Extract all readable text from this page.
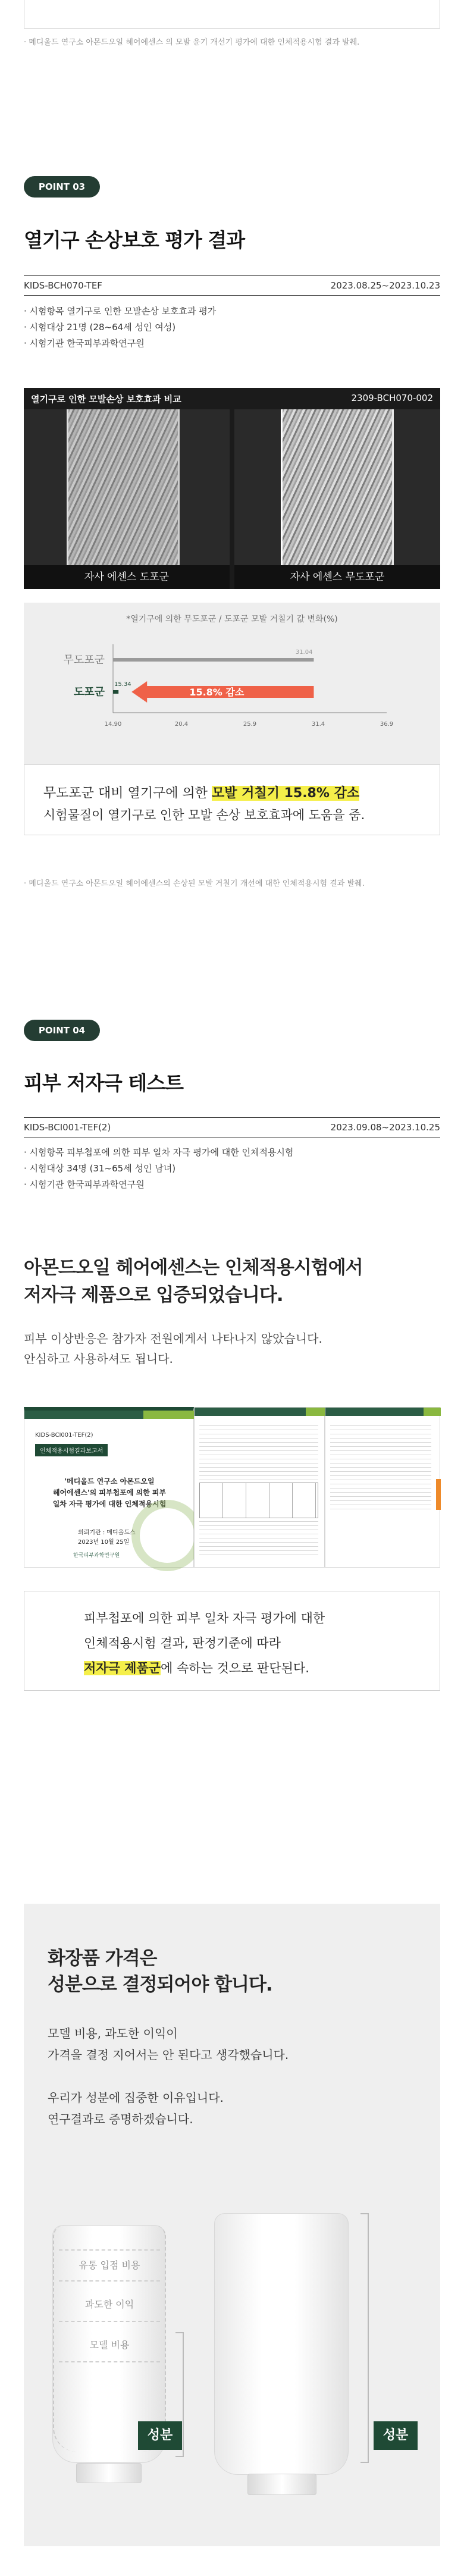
· 메디올드 연구소 아몬드오일 헤어에센스 의 모발 윤기 개선기 평가에 대한 인체적용시험 결과 발췌.
POINT 03
열기구 손상보호 평가 결과
KIDS-BCH070-TEF	2023.08.25~2023.10.23
· 시험항목 열기구로 인한 모발손상 보호효과 평가
· 시험대상 21명 (28~64세 성인 여성)
· 시험기관 한국피부과학연구원
열기구로 인한 모발손상 보호효과 비교	2309-BCH070-002
자사 에센스 도포군	자사 에센스 무도포군
*열기구에 의한 무도포군 / 도포군 모발 거칠기 값 변화(%)
무도포군
도포군
31.04
15.34
15.8% 감소
14.90	20.4	25.9	31.4	36.9
무도포군 대비 열기구에 의한 모발 거칠기 15.8% 감소
시험물질이 열기구로 인한 모발 손상 보호효과에 도움을 줌.
· 메디올드 연구소 아몬드오일 헤어에센스의 손상된 모발 거칠기 개선에 대한 인체적용시험 결과 발췌.
POINT 04
피부 저자극 테스트
KIDS-BCI001-TEF(2)	2023.09.08~2023.10.25
· 시험항목 피부첩포에 의한 피부 일차 자극 평가에 대한 인체적용시험
· 시험대상 34명 (31~65세 성인 남녀)
· 시험기관 한국피부과학연구원
아몬드오일 헤어에센스는 인체적용시험에서
저자극 제품으로 입증되었습니다.
피부 이상반응은 참가자 전원에게서 나타나지 않았습니다.
안심하고 사용하셔도 됩니다.
KIDS-BCI001-TEF(2)
인체적용시험결과보고서
'메디올드 연구소 아몬드오일
헤어에센스'의 피부첩포에 의한 피부
일차 자극 평가에 대한 인체적용시험
의뢰기관 : 메디올드스
2023년 10월 25일
한국피부과학연구원
피부첩포에 의한 피부 일차 자극 평가에 대한
인체적용시험 결과, 판정기준에 따라
저자극 제품군에 속하는 것으로 판단된다.
화장품 가격은
성분으로 결정되어야 합니다.
모델 비용, 과도한 이익이
가격을 결정 지어서는 안 된다고 생각했습니다.
우리가 성분에 집중한 이유입니다.
연구결과로 증명하겠습니다.
유통 입점 비용
과도한 이익
모델 비용
성분	성분
